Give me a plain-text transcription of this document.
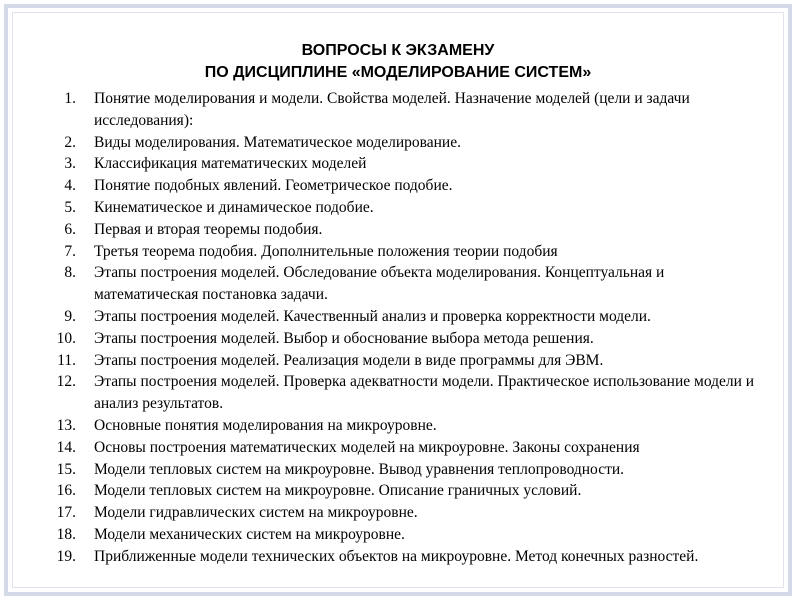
ВОПРОСЫ К ЭКЗАМЕНУ
ПО ДИСЦИПЛИНЕ «МОДЕЛИРОВАНИЕ СИСТЕМ»
1. Понятие моделирования и модели. Свойства моделей. Назначение моделей (цели и задачи исследования):
2. Виды моделирования. Математическое моделирование.
3. Классификация математических моделей
4. Понятие подобных явлений. Геометрическое подобие.
5. Кинематическое и динамическое подобие.
6. Первая и вторая теоремы подобия.
7. Третья теорема подобия. Дополнительные положения теории подобия
8. Этапы построения моделей. Обследование объекта моделирования. Концептуальная и математическая постановка задачи.
9. Этапы построения моделей. Качественный анализ и проверка корректности модели.
10. Этапы построения моделей. Выбор и обоснование выбора метода решения.
11. Этапы построения моделей. Реализация модели в виде программы для ЭВМ.
12. Этапы построения моделей. Проверка адекватности модели. Практическое использование модели и анализ результатов.
13. Основные понятия моделирования на микроуровне.
14. Основы построения математических моделей на микроуровне. Законы сохранения
15. Модели тепловых систем на микроуровне. Вывод уравнения теплопроводности.
16. Модели тепловых систем на микроуровне. Описание граничных условий.
17. Модели гидравлических систем на микроуровне.
18. Модели механических систем на микроуровне.
19. Приближенные модели технических объектов на микроуровне. Метод конечных разностей.
